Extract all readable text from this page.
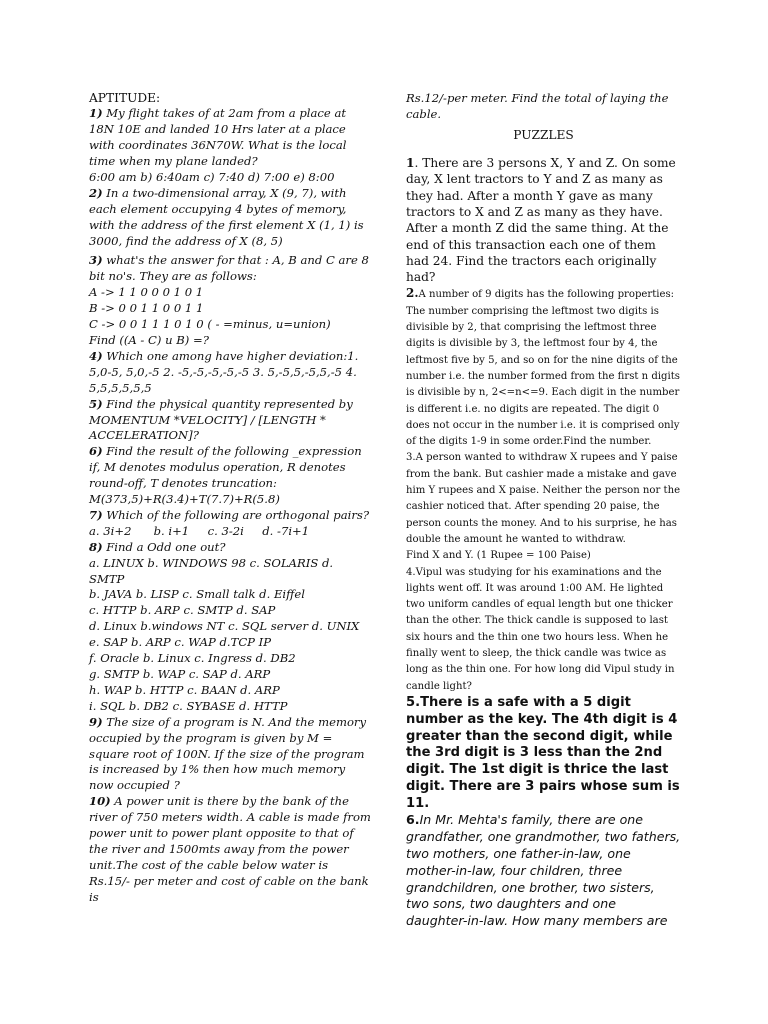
APTITUDE:

1) My flight takes of at 2am from a place at 18N 10E and landed 10 Hrs later at a place with coordinates 36N70W. What is the local time when my plane landed?

6:00 am b) 6:40am c) 7:40 d) 7:00 e) 8:00

2) In a two-dimensional array, X (9, 7), with each element occupying 4 bytes of memory, with the address of the first element X (1, 1) is 3000, find the address of X (8, 5)

3) what's the answer for that : A, B and C are 8 bit no's. They are as follows:

A -> 1 1 0 0 0 1 0 1

B -> 0 0 1 1 0 0 1 1

C -> 0 0 1 1 1 0 1 0 ( - =minus, u=union)

Find ((A - C) u B) =?

4) Which one among have higher deviation:1. 5,0-5, 5,0,-5 2. -5,-5,-5,-5,-5 3. 5,-5,5,-5,5,-5 4. 5,5,5,5,5,5

5) Find the physical quantity represented by MOMENTUM *VELOCITY] / [LENGTH * ACCELERATION]?

6) Find the result of the following _expression if, M denotes modulus operation, R denotes round-off, T denotes truncation:

M(373,5)+R(3.4)+T(7.7)+R(5.8)

7) Which of the following are orthogonal pairs?

a. 3i+2      b. i+1     c. 3-2i     d. -7i+1

8) Find a Odd one out?

a. LINUX b. WINDOWS 98 c. SOLARIS d. SMTP

b. JAVA b. LISP c. Small talk d. Eiffel

c. HTTP b. ARP c. SMTP d. SAP

d. Linux b.windows NT c. SQL server d. UNIX

e. SAP b. ARP c. WAP d.TCP IP

f. Oracle b. Linux c. Ingress d. DB2

g. SMTP b. WAP c. SAP d. ARP

h. WAP b. HTTP c. BAAN d. ARP

i. SQL b. DB2 c. SYBASE d. HTTP

9) The size of a program is N. And the memory occupied by the program is given by M = square root of 100N. If the size of the program is increased by 1% then how much memory now occupied ?

10) A power unit is there by the bank of the river of 750 meters width. A cable is made from power unit to power plant opposite to that of the river and 1500mts away from the power unit.The cost of the cable below water is Rs.15/- per meter and cost of cable on the bank is

Rs.12/-per meter. Find the total of laying the cable.

PUZZLES

1. There are 3 persons X, Y and Z. On some day, X lent tractors to Y and Z as many as they had. After a month Y gave as many tractors to X and Z as many as they have. After a month Z did the same thing. At the end of this transaction each one of them had 24. Find the tractors each originally had?

2.A number of 9 digits has the following properties: The number comprising the leftmost two digits is divisible by 2, that comprising the leftmost three digits is divisible by 3, the leftmost four by 4, the leftmost five by 5, and so on for the nine digits of the number i.e. the number formed from the first n digits is divisible by n, 2<=n<=9. Each digit in the number is different i.e. no digits are repeated. The digit 0 does not occur in the number i.e. it is comprised only of the digits 1-9 in some order.Find the number.

3.A person wanted to withdraw X rupees and Y paise from the bank. But cashier made a mistake and gave him Y rupees and X paise. Neither the person nor the cashier noticed that. After spending 20 paise, the person counts the money. And to his surprise, he has double the amount he wanted to withdraw.

Find X and Y. (1 Rupee = 100 Paise)

4.Vipul was studying for his examinations and the lights went off. It was around 1:00 AM. He lighted two uniform candles of equal length but one thicker than the other. The thick candle is supposed to last six hours and the thin one two hours less. When he finally went to sleep, the thick candle was twice as long as the thin one. For how long did Vipul study in candle light?

5.There is a safe with a 5 digit number as the key. The 4th digit is 4 greater than the second digit, while the 3rd digit is 3 less than the 2nd digit. The 1st digit is thrice the last digit. There are 3 pairs whose sum is 11.

6.In Mr. Mehta's family, there are one grandfather, one grandmother, two fathers, two mothers, one father-in-law, one mother-in-law, four children, three grandchildren, one brother, two sisters, two sons, two daughters and one daughter-in-law. How many members are
